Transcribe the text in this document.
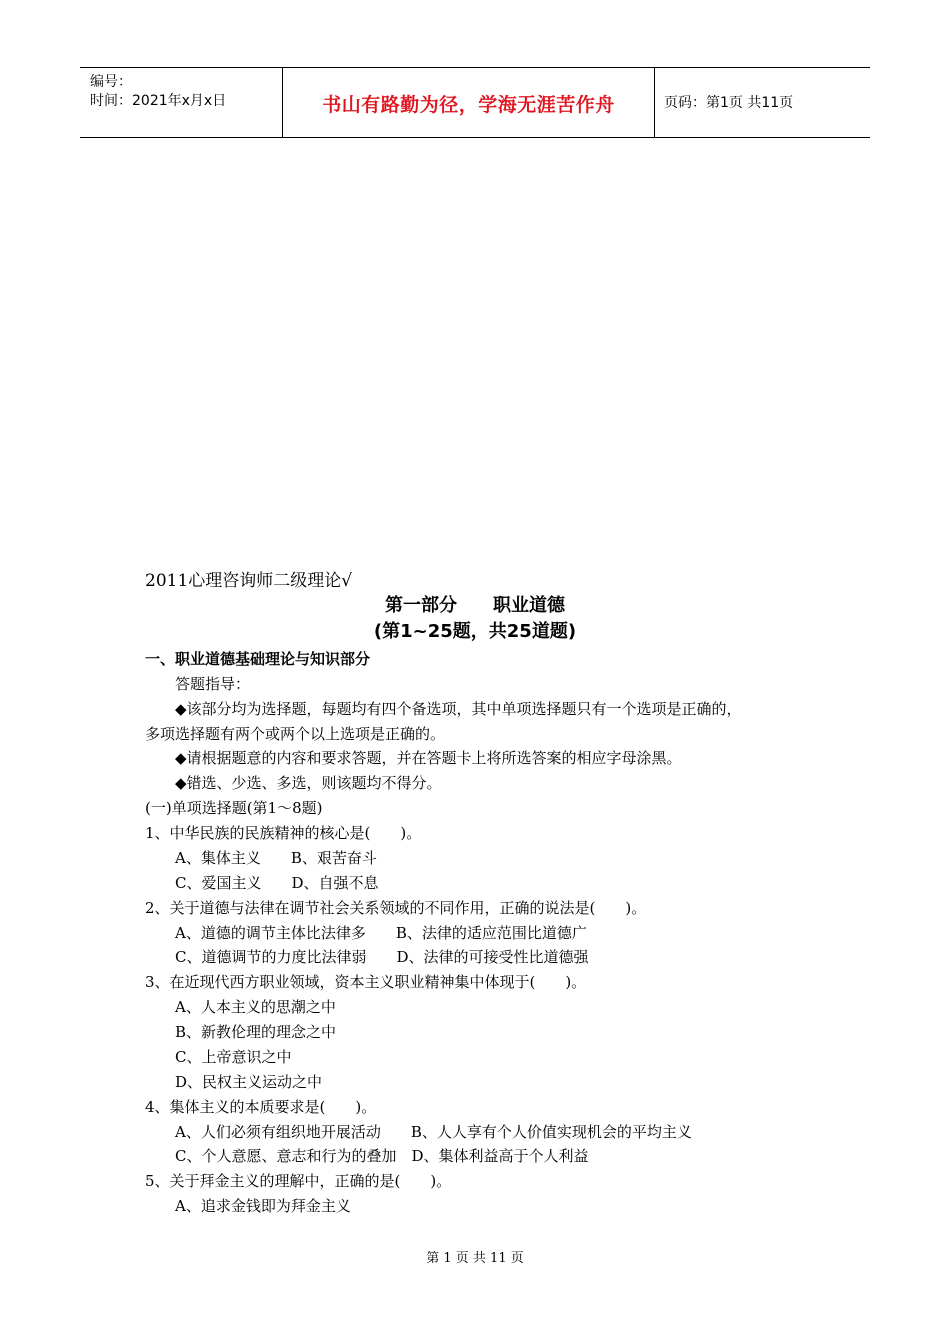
编号：
时间：2021年x月x日	书山有路勤为径，学海无涯苦作舟	页码：第1页 共11页
2011心理咨询师二级理论√
第一部分　　职业道德
(第1~25题，共25道题)
一、职业道德基础理论与知识部分
答题指导：
◆该部分均为选择题，每题均有四个备选项，其中单项选择题只有一个选项是正确的，
多项选择题有两个或两个以上选项是正确的。
◆请根据题意的内容和要求答题，并在答题卡上将所选答案的相应字母涂黑。
◆错选、少选、多选，则该题均不得分。
(一)单项选择题(第1～8题)
1、中华民族的民族精神的核心是(　　)。
A、集体主义　　B、艰苦奋斗
C、爱国主义　　D、自强不息
2、关于道德与法律在调节社会关系领域的不同作用，正确的说法是(　　)。
A、道德的调节主体比法律多　　B、法律的适应范围比道德广
C、道德调节的力度比法律弱　　D、法律的可接受性比道德强
3、在近现代西方职业领域，资本主义职业精神集中体现于(　　)。
A、人本主义的思潮之中
B、新教伦理的理念之中
C、上帝意识之中
D、民权主义运动之中
4、集体主义的本质要求是(　　)。
A、人们必须有组织地开展活动　　B、人人享有个人价值实现机会的平均主义
C、个人意愿、意志和行为的叠加　D、集体利益高于个人利益
5、关于拜金主义的理解中，正确的是(　　)。
A、追求金钱即为拜金主义
第 1 页 共 11 页
